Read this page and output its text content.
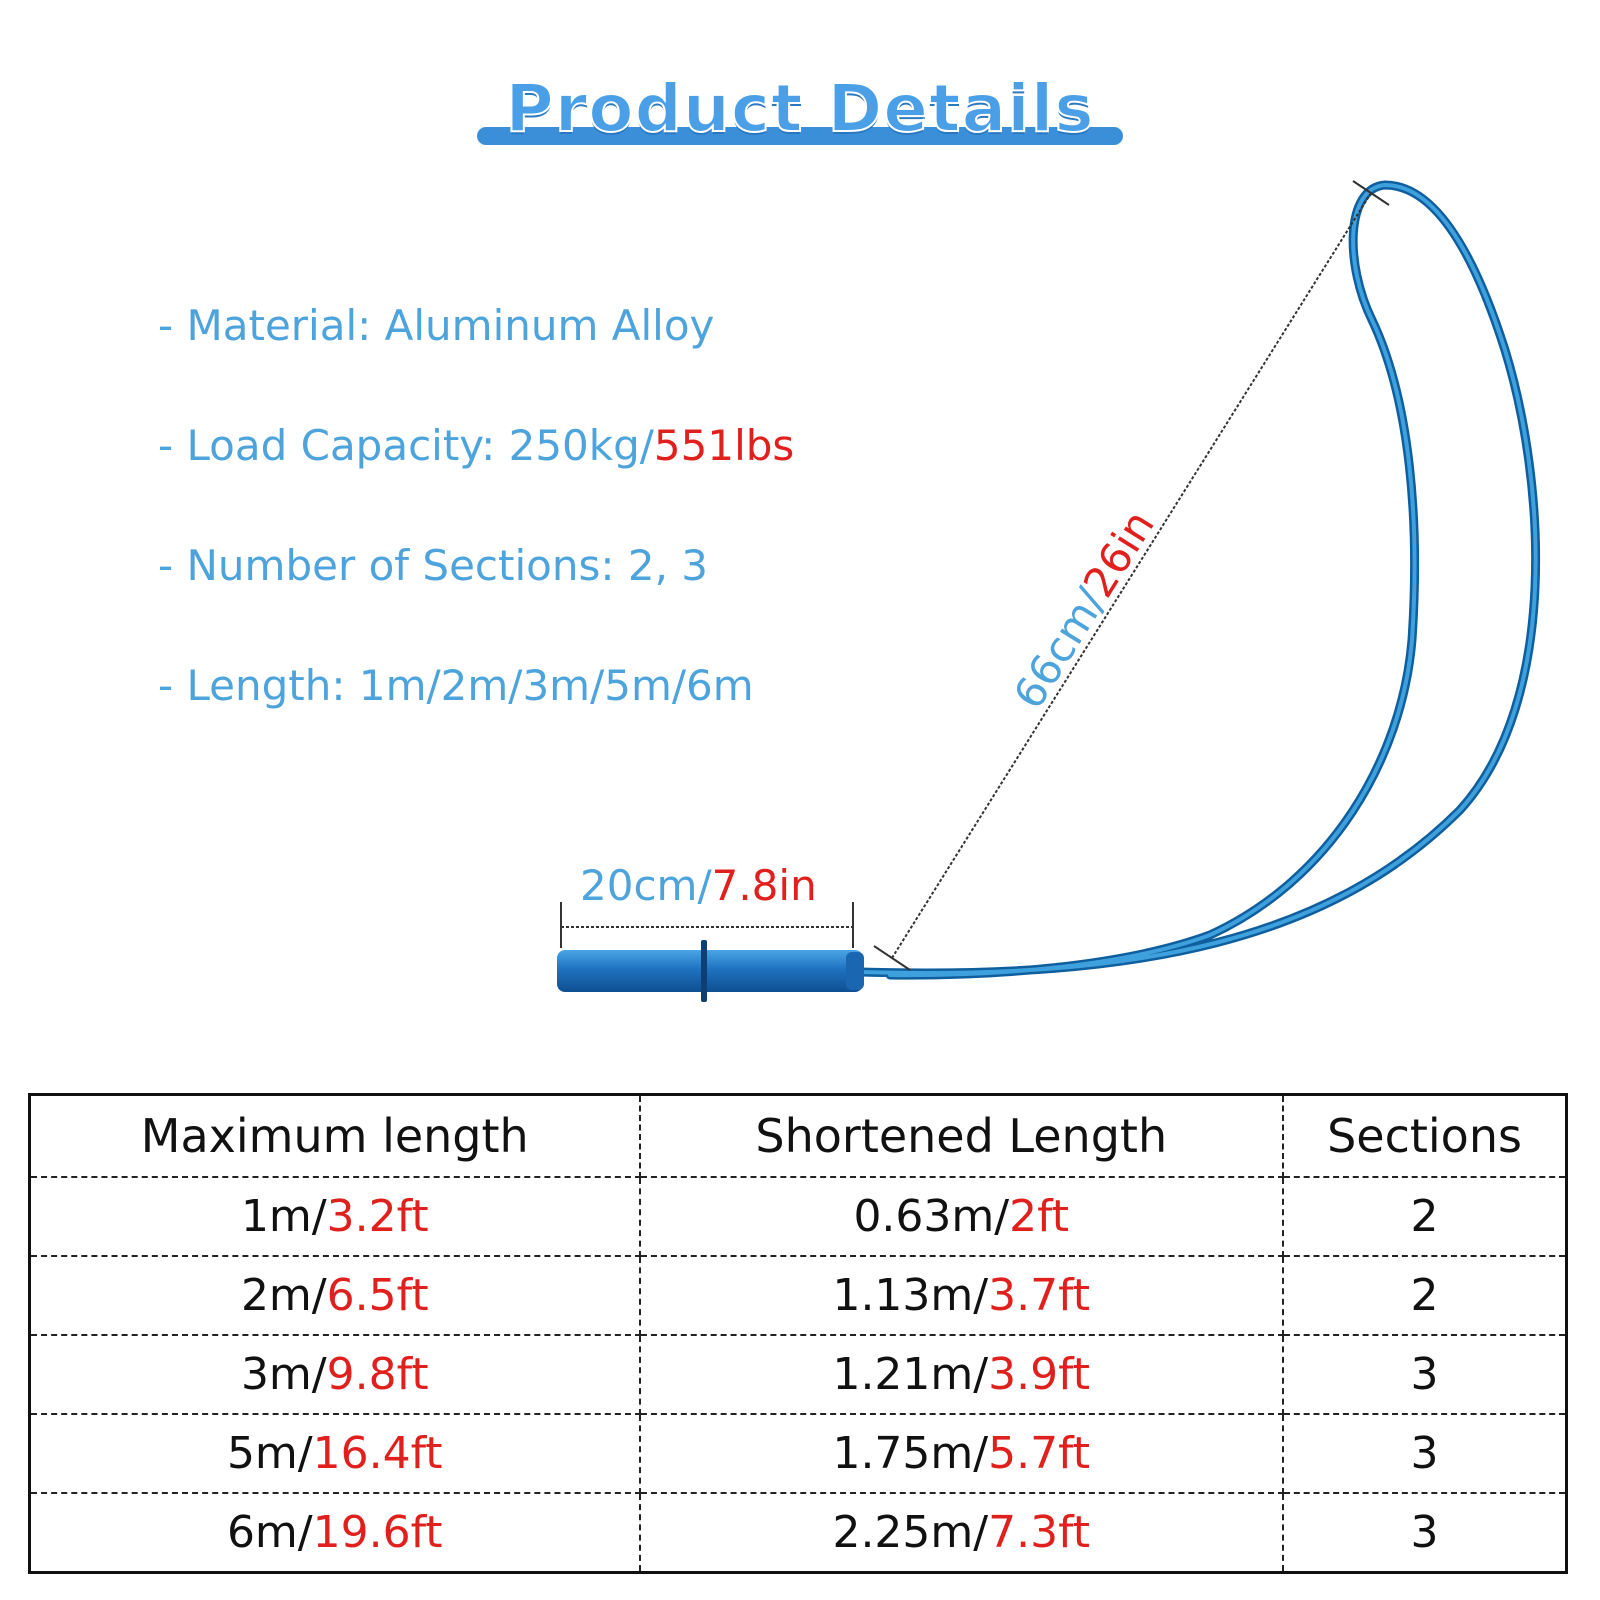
Product Details
- Material: Aluminum Alloy
- Load Capacity: 250kg/551lbs
- Number of Sections: 2, 3
- Length: 1m/2m/3m/5m/6m
20cm/7.8in
66cm/26in
Maximum length	Shortened Length	Sections
1m/3.2ft	0.63m/2ft	2
2m/6.5ft	1.13m/3.7ft	2
3m/9.8ft	1.21m/3.9ft	3
5m/16.4ft	1.75m/5.7ft	3
6m/19.6ft	2.25m/7.3ft	3
